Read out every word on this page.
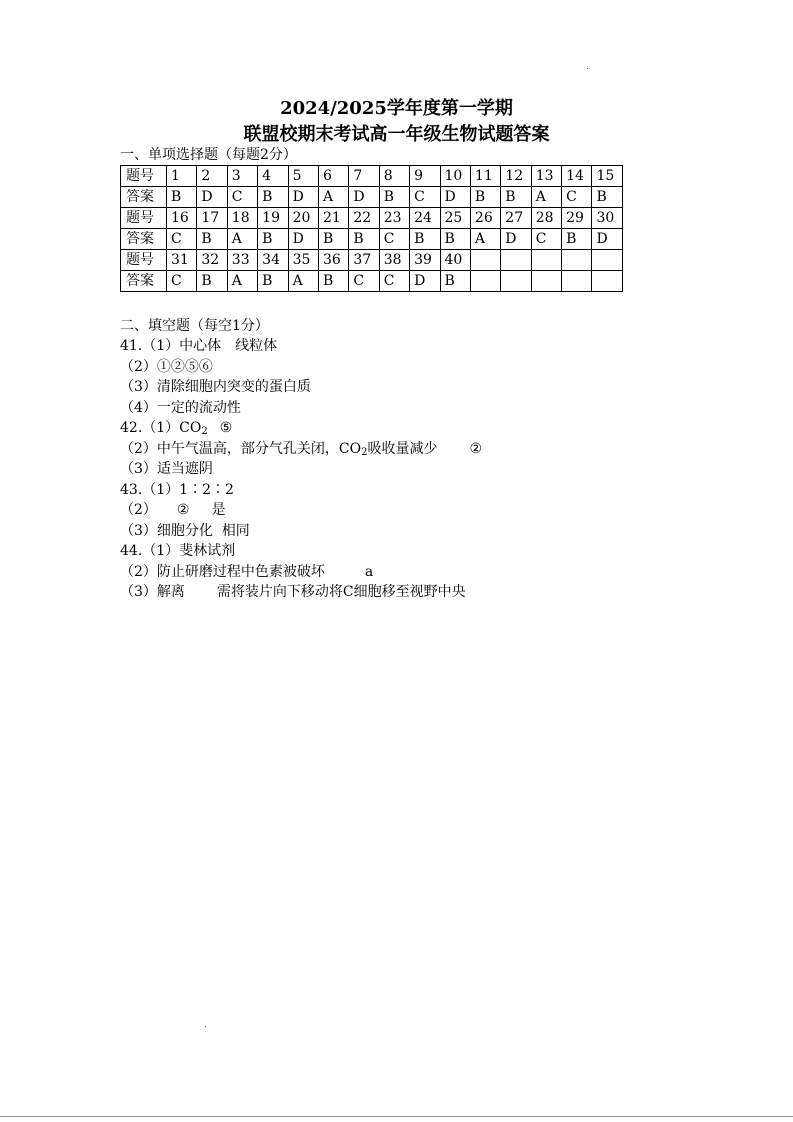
2024/2025学年度第一学期
联盟校期末考试高一年级生物试题答案
一、单项选择题（每题2分）
题号	1	2	3	4	5	6	7	8	9	10	11	12	13	14	15
答案	B	D	C	B	D	A	D	B	C	D	B	B	A	C	B
题号	16	17	18	19	20	21	22	23	24	25	26	27	28	29	30
答案	C	B	A	B	D	B	B	C	B	B	A	D	C	B	D
题号	31	32	33	34	35	36	37	38	39	40					
答案	C	B	A	B	A	B	C	C	D	B					
二、填空题（每空1分）
41.（1）中心体　线粒体
（2）①②⑤⑥
（3）清除细胞内突变的蛋白质
（4）一定的流动性
$42.(1)CO_2$ ⑤
（2）中午气温高，部分气孔关闭，$CO_2$吸收量减少 ②
（3）适当遮阴
43.（1）1∶2∶2
（2） ② 是
（3）细胞分化  相同
44.（1）斐林试剂
（2）防止研磨过程中色素被破坏	a
（3）解离 需将装片向下移动将C细胞移至视野中央
